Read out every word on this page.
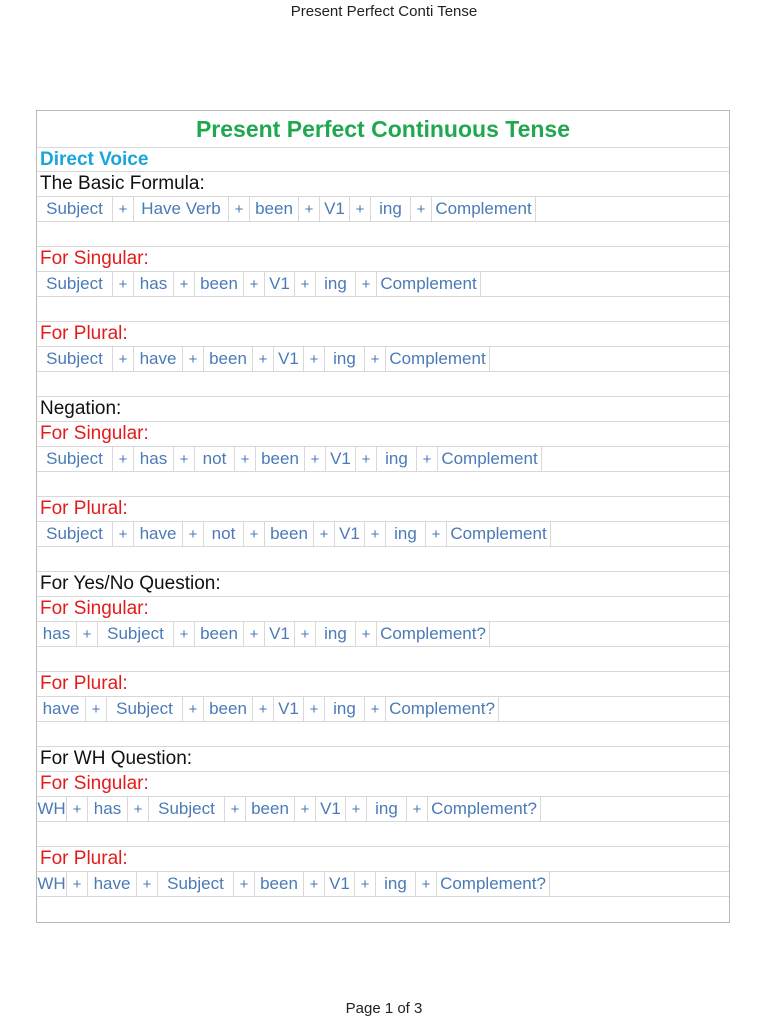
Present Perfect Conti Tense
Present Perfect Continuous Tense
Direct Voice
The Basic Formula:
Subject	+ Have Verb + been + V1 + ing + Complement
For Singular:
Subject	+ has + been + V1 + ing + Complement
For Plural:
Subject	+ have + been + V1 + ing + Complement
Negation:
For Singular:
Subject	+ has + not + been + V1 + ing + Complement
For Plural:
Subject	+ have + not + been + V1 + ing + Complement
For Yes/No Question:
For Singular:
has + Subject	+ been + V1 + ing + Complement?
For Plural:
have + Subject	+ been + V1 + ing + Complement?
For WH Question:
For Singular:
WH + has + Subject	+ been + V1 + ing + Complement?
For Plural:
WH + have + Subject	+ been + V1 + ing + Complement?
Page 1 of 3
